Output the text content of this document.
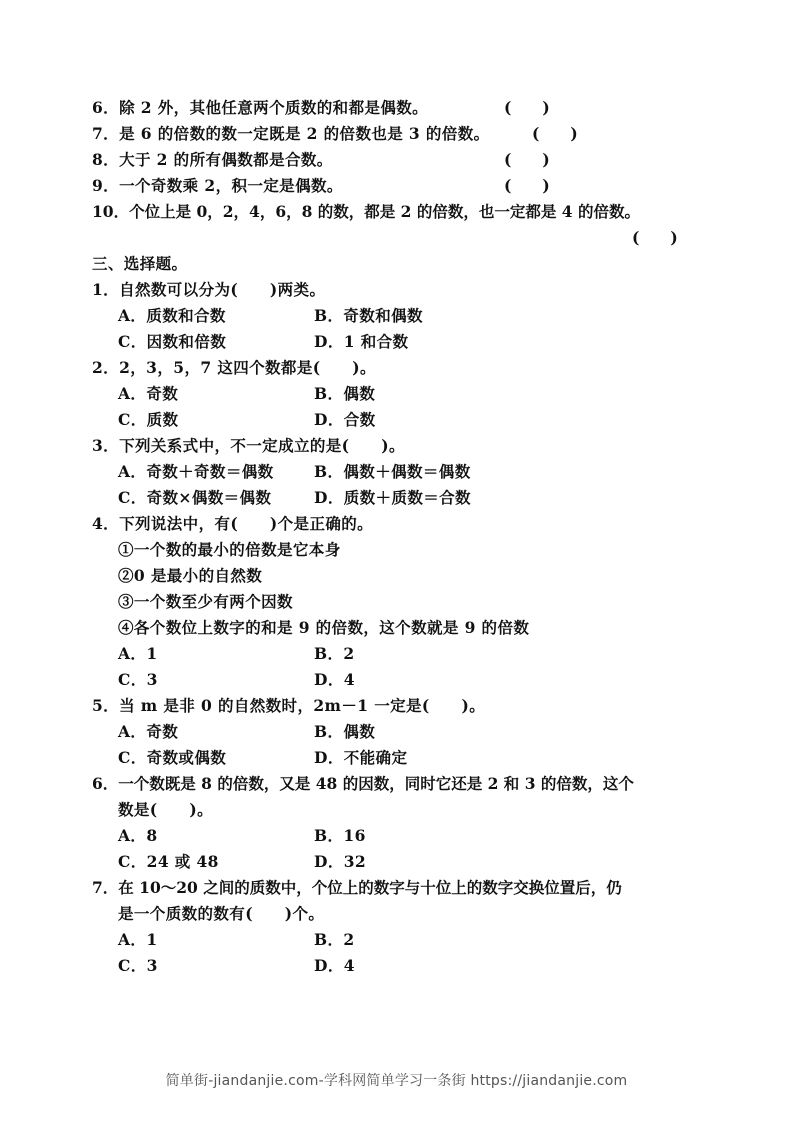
6．除 2 外，其他任意两个质数的和都是偶数。	(　　)
7．是 6 的倍数的数一定既是 2 的倍数也是 3 的倍数。	(　　)
8．大于 2 的所有偶数都是合数。	(　　)
9．一个奇数乘 2，积一定是偶数。	(　　)
10．个位上是 0，2，4，6，8 的数，都是 2 的倍数，也一定都是 4 的倍数。
(　　)
三、选择题。
1．自然数可以分为(　　)两类。
A．质数和合数	B．奇数和偶数
C．因数和倍数	D．1 和合数
2．2，3，5，7 这四个数都是(　　)。
A．奇数	B．偶数
C．质数	D．合数
3．下列关系式中，不一定成立的是(　　)。
A．奇数＋奇数＝偶数	B．偶数＋偶数＝偶数
C．奇数×偶数＝偶数	D．质数＋质数＝合数
4．下列说法中，有(　　)个是正确的。
①一个数的最小的倍数是它本身
②0 是最小的自然数
③一个数至少有两个因数
④各个数位上数字的和是 9 的倍数，这个数就是 9 的倍数
A．1	B．2
C．3	D．4
5．当 m 是非 0 的自然数时，2m－1 一定是(　　)。
A．奇数	B．偶数
C．奇数或偶数	D．不能确定
6．一个数既是 8 的倍数，又是 48 的因数，同时它还是 2 和 3 的倍数，这个
数是(　　)。
A．8	B．16
C．24 或 48	D．32
7．在 10～20 之间的质数中，个位上的数字与十位上的数字交换位置后，仍
是一个质数的数有(　　)个。
A．1	B．2
C．3	D．4
简单街-jiandanjie.com-学科网简单学习一条街 https://jiandanjie.com
